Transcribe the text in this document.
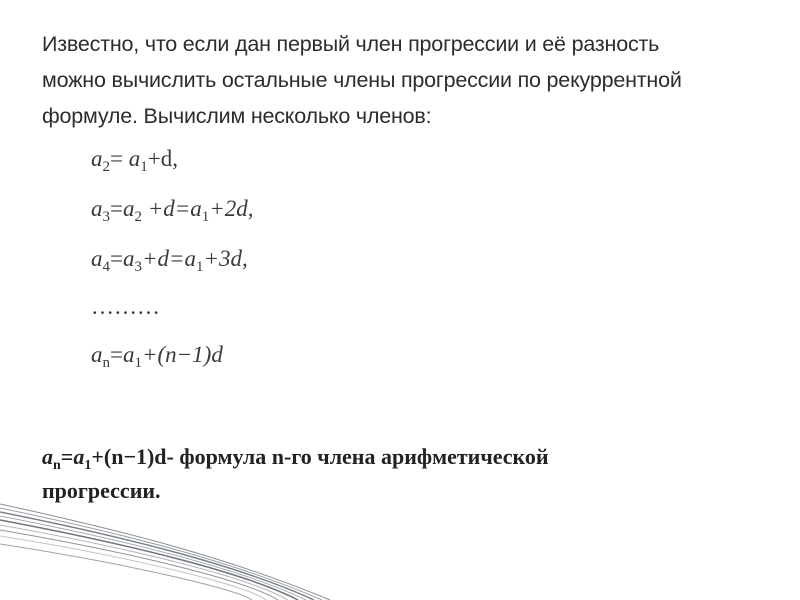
Известно, что если дан первый член прогрессии и её разность
можно вычислить остальные члены прогрессии по рекуррентной
формуле. Вычислим несколько членов:
$a_2= a_1+d$,
$a_3=a_2 +d=a_1+2d$,
$a_4=a_3+d=a_1+3d$,
………
$a_n=a_1+(n-1)d$
$a_n=a_1+(n-1)d-$ формула n-го члена арифметической
прогрессии.
